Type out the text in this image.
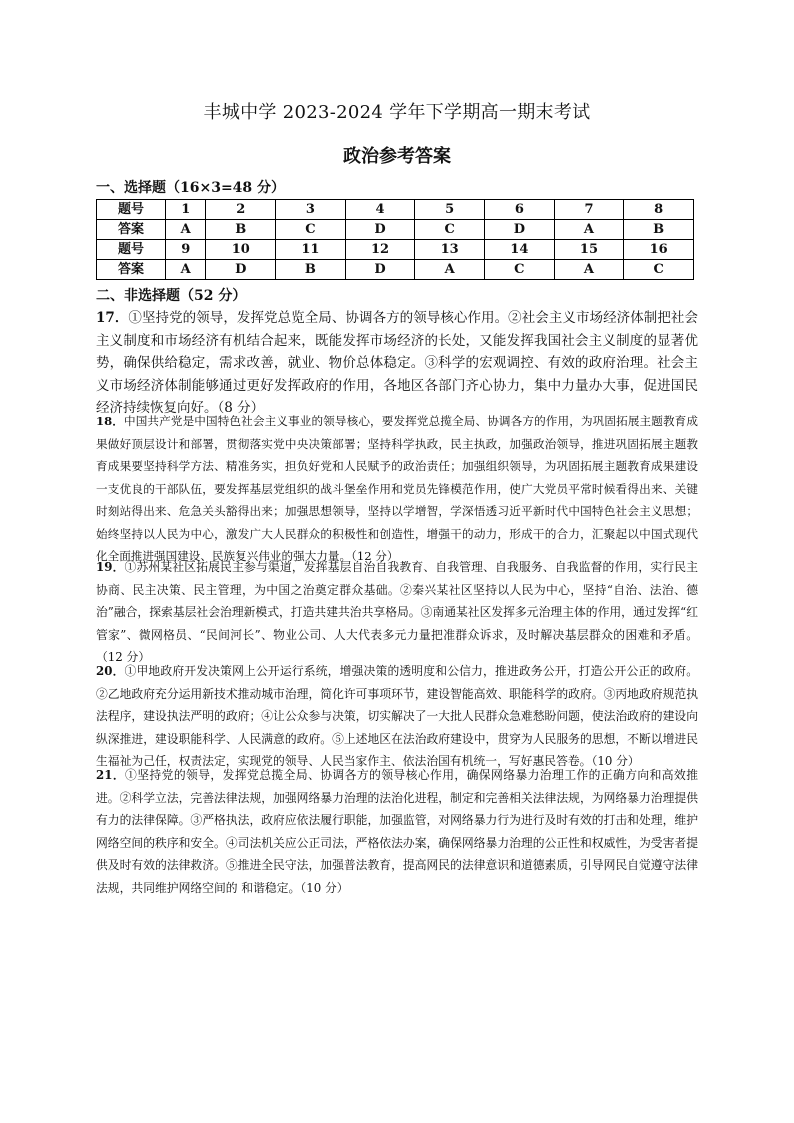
丰城中学 2023-2024 学年下学期高一期末考试
政治参考答案
一、选择题（16×3=48 分）
题号	1	2	3	4	5	6	7	8
答案	A	B	C	D	C	D	A	B
题号	9	10	11	12	13	14	15	16
答案	A	D	B	D	A	C	A	C
二、非选择题（52 分）

17．①坚持党的领导，发挥党总览全局、协调各方的领导核心作用。②社会主义市场经济体制把社会主义制度和市场经济有机结合起来，既能发挥市场经济的长处，又能发挥我国社会主义制度的显著优势，确保供给稳定，需求改善，就业、物价总体稳定。③科学的宏观调控、有效的政府治理。社会主义市场经济体制能够通过更好发挥政府的作用，各地区各部门齐心协力，集中力量办大事，促进国民经济持续恢复向好。（8 分）

18．中国共产党是中国特色社会主义事业的领导核心，要发挥党总揽全局、协调各方的作用，为巩固拓展主题教育成果做好顶层设计和部署，贯彻落实党中央决策部署；坚持科学执政，民主执政，加强政治领导，推进巩固拓展主题教育成果要坚持科学方法、精准务实，担负好党和人民赋予的政治责任；加强组织领导，为巩固拓展主题教育成果建设一支优良的干部队伍，要发挥基层党组织的战斗堡垒作用和党员先锋模范作用，使广大党员平常时候看得出来、关键时刻站得出来、危急关头豁得出来；加强思想领导，坚持以学增智，学深悟透习近平新时代中国特色社会主义思想；始终坚持以人民为中心，激发广大人民群众的积极性和创造性，增强干的动力，形成干的合力，汇聚起以中国式现代化全面推进强国建设、民族复兴伟业的强大力量。（12 分）

19．①苏州某社区拓展民主参与渠道，发挥基层自治自我教育、自我管理、自我服务、自我监督的作用，实行民主协商、民主决策、民主管理，为中国之治奠定群众基础。②秦兴某社区坚持以人民为中心，坚持“自治、法治、德治”融合，探索基层社会治理新模式，打造共建共治共享格局。③南通某社区发挥多元治理主体的作用，通过发挥“红管家”、微网格员、“民间河长”、物业公司、人大代表多元力量把准群众诉求，及时解决基层群众的困难和矛盾。（12 分）

20．①甲地政府开发决策网上公开运行系统，增强决策的透明度和公信力，推进政务公开，打造公开公正的政府。②乙地政府充分运用新技术推动城市治理，简化许可事项环节，建设智能高效、职能科学的政府。③丙地政府规范执法程序，建设执法严明的政府；④让公众参与决策，切实解决了一大批人民群众急难愁盼问题，使法治政府的建设向纵深推进，建设职能科学、人民满意的政府。⑤上述地区在法治政府建设中，贯穿为人民服务的思想，不断以增进民生福祉为己任，权责法定，实现党的领导、人民当家作主、依法治国有机统一，写好惠民答卷。（10 分）

21．①坚持党的领导，发挥党总揽全局、协调各方的领导核心作用，确保网络暴力治理工作的正确方向和高效推进。②科学立法，完善法律法规，加强网络暴力治理的法治化进程，制定和完善相关法律法规，为网络暴力治理提供有力的法律保障。③严格执法，政府应依法履行职能，加强监管，对网络暴力行为进行及时有效的打击和处理，维护网络空间的秩序和安全。④司法机关应公正司法，严格依法办案，确保网络暴力治理的公正性和权威性，为受害者提供及时有效的法律救济。⑤推进全民守法，加强普法教育，提高网民的法律意识和道德素质，引导网民自觉遵守法律法规，共同维护网络空间的 和谐稳定。（10 分）
